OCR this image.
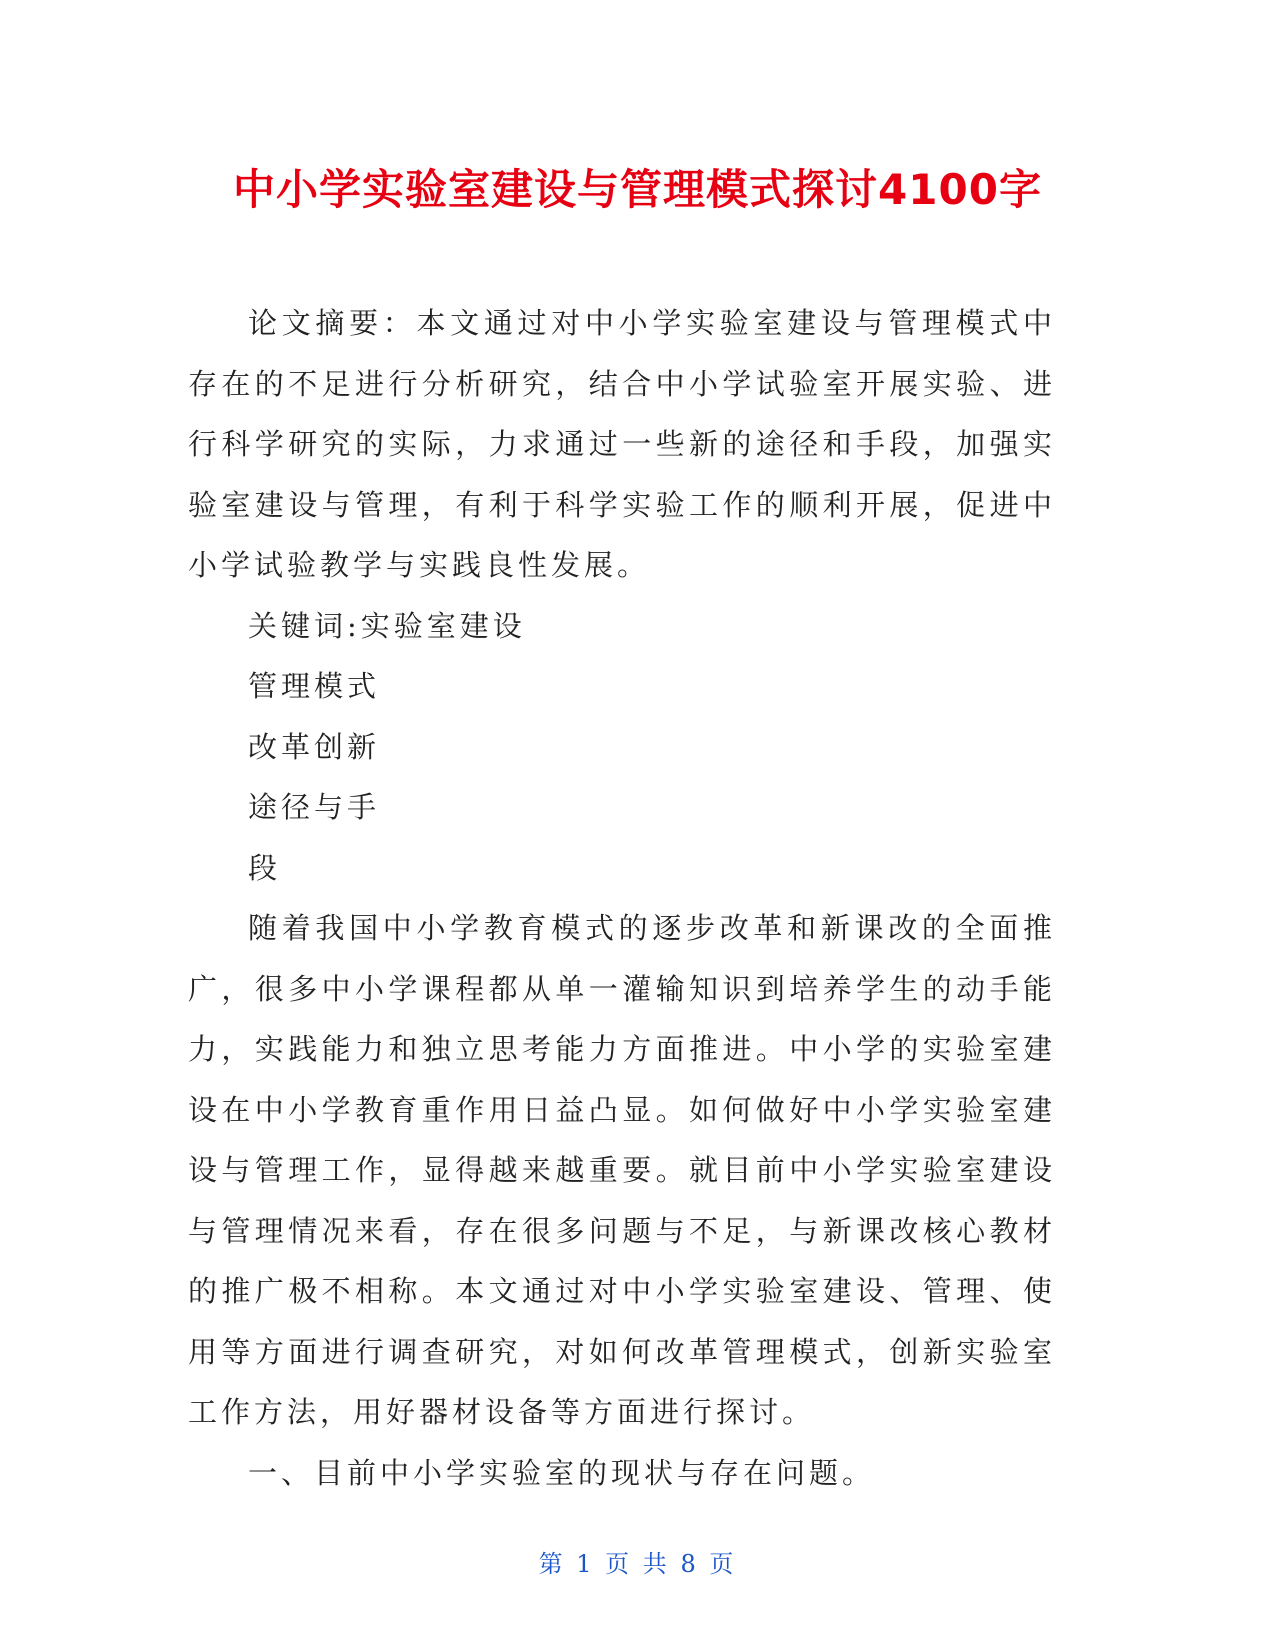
中小学实验室建设与管理模式探讨4100字

论文摘要：本文通过对中小学实验室建设与管理模式中存在的不足进行分析研究，结合中小学试验室开展实验、进行科学研究的实际，力求通过一些新的途径和手段，加强实验室建设与管理，有利于科学实验工作的顺利开展，促进中小学试验教学与实践良性发展。

关键词:实验室建设

管理模式

改革创新

途径与手

段

随着我国中小学教育模式的逐步改革和新课改的全面推广，很多中小学课程都从单一灌输知识到培养学生的动手能力，实践能力和独立思考能力方面推进。中小学的实验室建设在中小学教育重作用日益凸显。如何做好中小学实验室建设与管理工作，显得越来越重要。就目前中小学实验室建设与管理情况来看，存在很多问题与不足，与新课改核心教材的推广极不相称。本文通过对中小学实验室建设、管理、使用等方面进行调查研究，对如何改革管理模式，创新实验室工作方法，用好器材设备等方面进行探讨。

一、目前中小学实验室的现状与存在问题。

第 1 页 共 8 页
